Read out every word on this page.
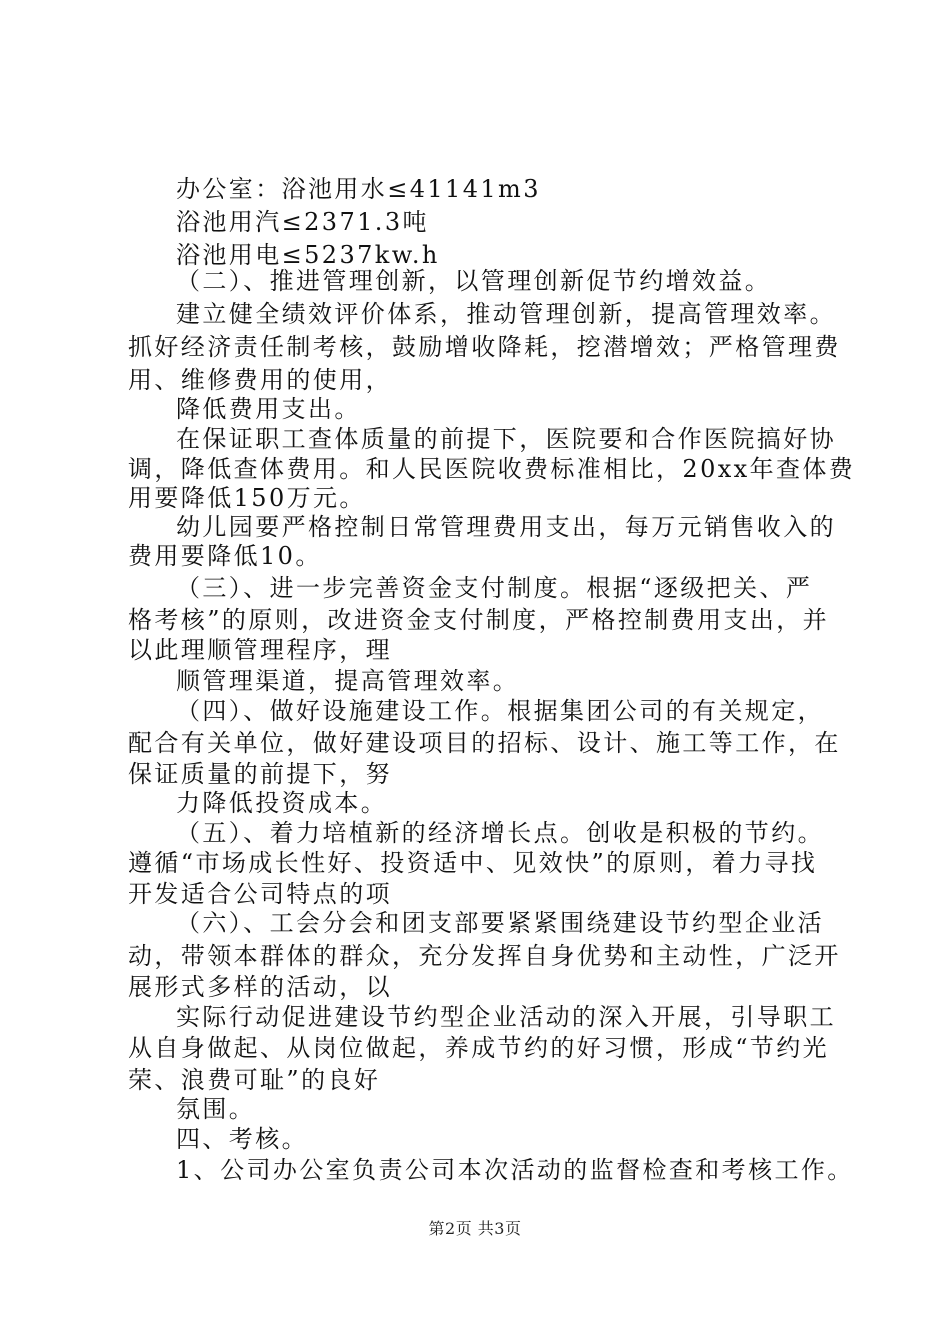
办公室：浴池用水≤41141m3
浴池用汽≤2371.3吨
浴池用电≤5237kw.h
（二）、推进管理创新，以管理创新促节约增效益。
建立健全绩效评价体系，推动管理创新，提高管理效率。
抓好经济责任制考核，鼓励增收降耗，挖潜增效；严格管理费
用、维修费用的使用，
降低费用支出。
在保证职工查体质量的前提下，医院要和合作医院搞好协
调，降低查体费用。和人民医院收费标准相比，20xx年查体费
用要降低150万元。
幼儿园要严格控制日常管理费用支出，每万元销售收入的
费用要降低10。
（三）、进一步完善资金支付制度。根据“逐级把关、严
格考核”的原则，改进资金支付制度，严格控制费用支出，并
以此理顺管理程序，理
顺管理渠道，提高管理效率。
（四）、做好设施建设工作。根据集团公司的有关规定，
配合有关单位，做好建设项目的招标、设计、施工等工作，在
保证质量的前提下，努
力降低投资成本。
（五）、着力培植新的经济增长点。创收是积极的节约。
遵循“市场成长性好、投资适中、见效快”的原则，着力寻找
开发适合公司特点的项
（六）、工会分会和团支部要紧紧围绕建设节约型企业活
动，带领本群体的群众，充分发挥自身优势和主动性，广泛开
展形式多样的活动，以
实际行动促进建设节约型企业活动的深入开展，引导职工
从自身做起、从岗位做起，养成节约的好习惯，形成“节约光
荣、浪费可耻”的良好
氛围。
四、考核。
1、公司办公室负责公司本次活动的监督检查和考核工作。
第2页 共3页
